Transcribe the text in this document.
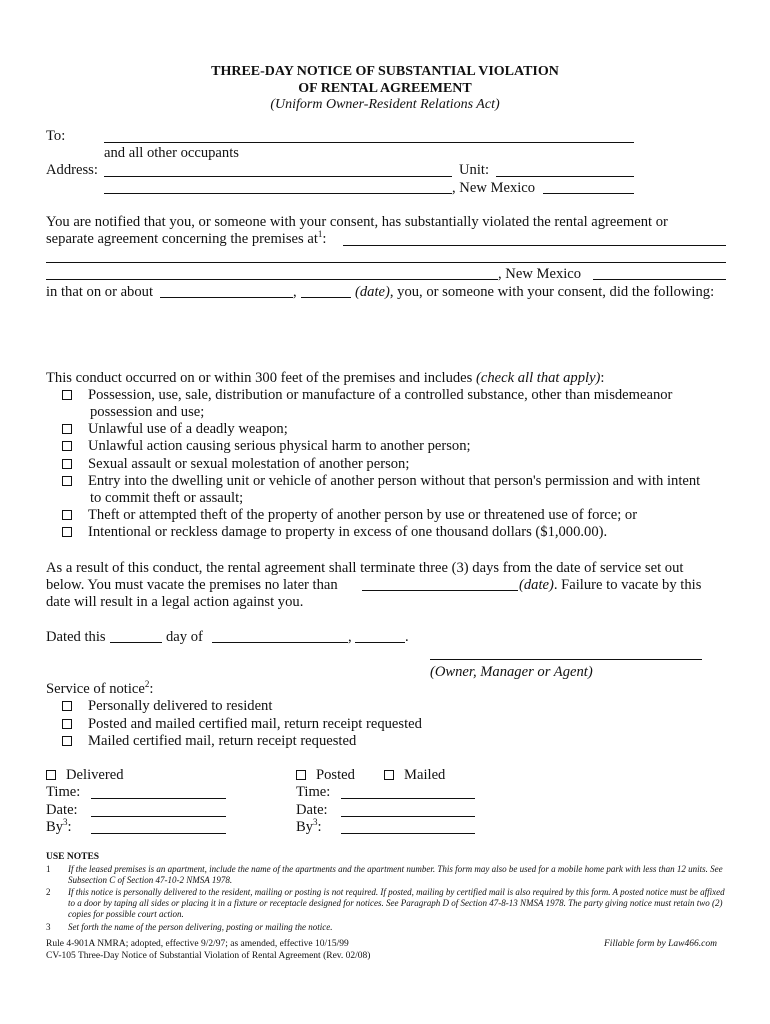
THREE-DAY NOTICE OF SUBSTANTIAL VIOLATION
OF RENTAL AGREEMENT
(Uniform Owner-Resident Relations Act)
To:
and all other occupants
Address:	Unit:
, New Mexico
You are notified that you, or someone with your consent, has substantially violated the rental agreement or
separate agreement concerning the premises $at^1$:
, New Mexico
in that on or about	,	(date), you, or someone with your consent, did the following:
This conduct occurred on or within 300 feet of the premises and includes (check all that apply):
Possession, use, sale, distribution or manufacture of a controlled substance, other than misdemeanor
possession and use;
Unlawful use of a deadly weapon;
Unlawful action causing serious physical harm to another person;
Sexual assault or sexual molestation of another person;
Entry into the dwelling unit or vehicle of another person without that person's permission and with intent
to commit theft or assault;
Theft or attempted theft of the property of another person by use or threatened use of force; or
Intentional or reckless damage to property in excess of one thousand dollars ($1,000.00).
As a result of this conduct, the rental agreement shall terminate three (3) days from the date of service set out
below. You must vacate the premises no later than	(date). Failure to vacate by this
date will result in a legal action against you.
Dated this	day of	,	.
(Owner, Manager or Agent)
Service of notice$^2$:
Personally delivered to resident
Posted and mailed certified mail, return receipt requested
Mailed certified mail, return receipt requested
Delivered
Time:
Date:
By$^3$:
Posted	Mailed
Time:
Date:
By$^3$:
USE NOTES
1 If the leased premises is an apartment, include the name of the apartments and the apartment number. This form may also be used for a mobile home park with less than 12 units. See Subsection C of Section 47-10-2 NMSA 1978.
2 If this notice is personally delivered to the resident, mailing or posting is not required. If posted, mailing by certified mail is also required by this form. A posted notice must be affixed to a door by taping all sides or placing it in a fixture or receptacle designed for notices. See Paragraph D of Section 47-8-13 NMSA 1978. The party giving notice must retain two (2) copies for possible court action.
3 Set forth the name of the person delivering, posting or mailing the notice.
Rule 4-901A NMRA; adopted, effective 9/2/97; as amended, effective 10/15/99
CV-105 Three-Day Notice of Substantial Violation of Rental Agreement (Rev. 02/08)
Fillable form by Law466.com
